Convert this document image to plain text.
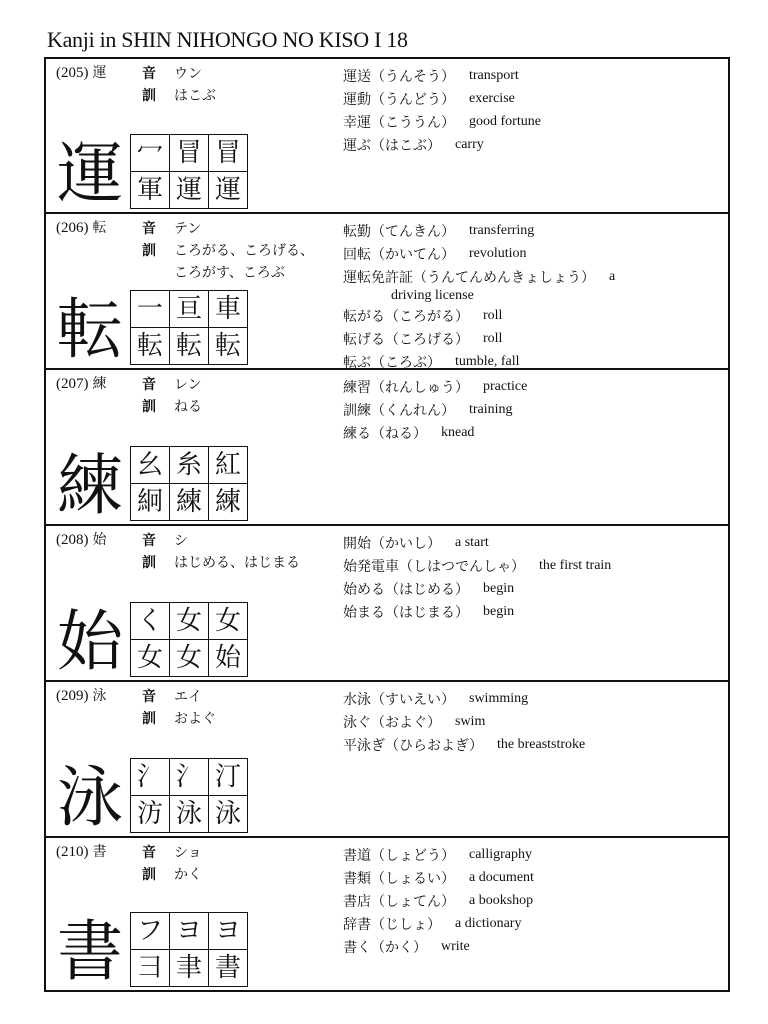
Kanji in SHIN NIHONGO NO KISO I 18
(205) 運	音	ウン
訓	はこぶ
運 冖	冒	冒
軍	運	運
運送（うんそう） transport
運動（うんどう） exercise
幸運（こううん） good fortune
運ぶ（はこぶ） carry
(206) 転	音	テン
訓	ころがる、ころげる、
ころがす、ころぶ
転 一	亘	車
転	転	転
転勤（てんきん） transferring
回転（かいてん） revolution
運転免許証（うんてんめんきょしょう） a
driving license
転がる（ころがる） roll
転げる（ころげる） roll
転ぶ（ころぶ） tumble, fall
(207) 練	音	レン
訓	ねる
練 幺	糸	紅
絅	練	練
練習（れんしゅう） practice
訓練（くんれん） training
練る（ねる） knead
(208) 始	音	シ
訓	はじめる、はじまる
始 く	女	女
女	女	始
開始（かいし） a start
始発電車（しはつでんしゃ） the first train
始める（はじめる） begin
始まる（はじまる） begin
(209) 泳	音	エイ
訓	およぐ
泳 氵	氵	汀
汸	泳	泳
水泳（すいえい） swimming
泳ぐ（およぐ） swim
平泳ぎ（ひらおよぎ） the breaststroke
(210) 書	音	ショ
訓	かく
書 フ	ヨ	ヨ
彐	聿	書
書道（しょどう） calligraphy
書類（しょるい） a document
書店（しょてん） a bookshop
辞書（じしょ） a dictionary
書く（かく） write
